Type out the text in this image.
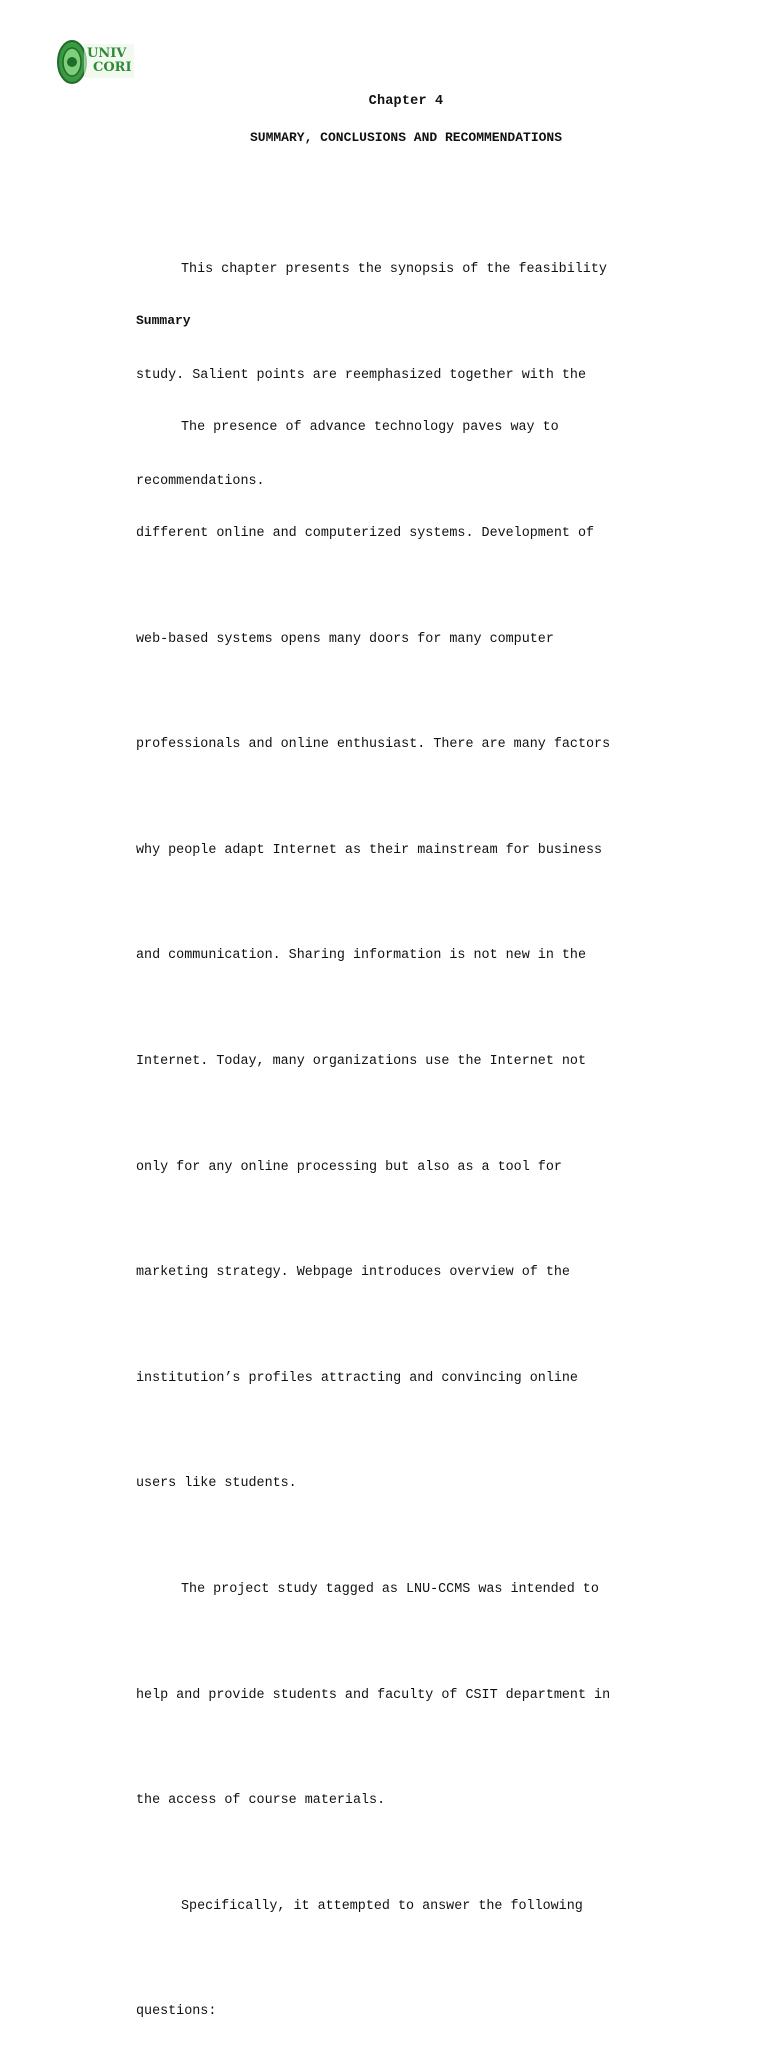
UNIV
CORI
Chapter 4
SUMMARY, CONCLUSIONS AND RECOMMENDATIONS

This chapter presents the synopsis of the feasibility

study. Salient points are reemphasized together with the

recommendations.

Summary

The presence of advance technology paves way to

different online and computerized systems. Development of

web-based systems opens many doors for many computer

professionals and online enthusiast. There are many factors

why people adapt Internet as their mainstream for business

and communication. Sharing information is not new in the

Internet. Today, many organizations use the Internet not

only for any online processing but also as a tool for

marketing strategy. Webpage introduces overview of the

institution’s profiles attracting and convincing online

users like students.

The project study tagged as LNU-CCMS was intended to

help and provide students and faculty of CSIT department in

the access of course materials.

Specifically, it attempted to answer the following

questions:
